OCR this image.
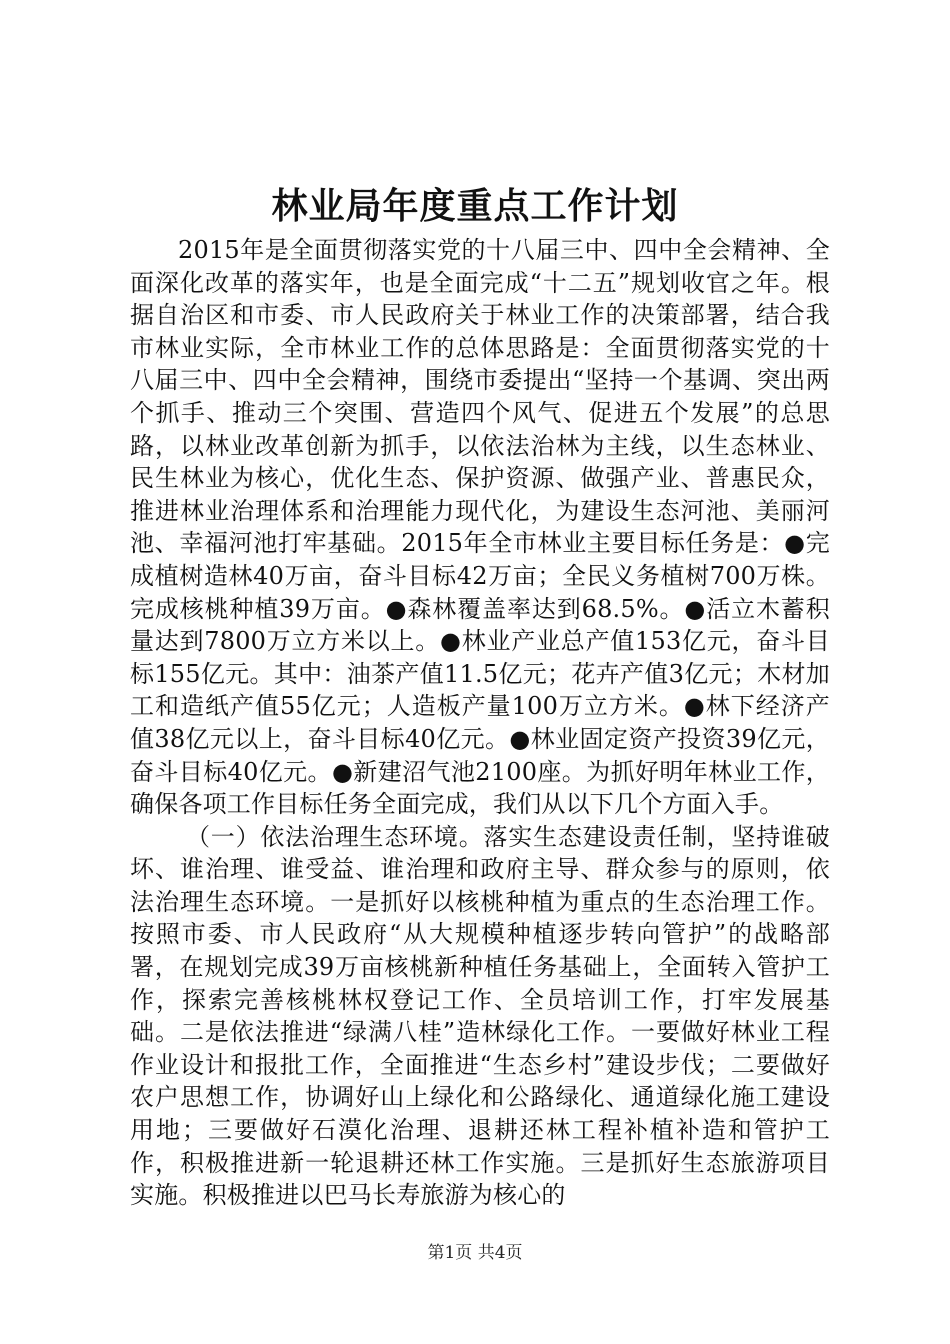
林业局年度重点工作计划

2015年是全面贯彻落实党的十八届三中、四中全会精神、全面深化改革的落实年，也是全面完成“十二五”规划收官之年。根据自治区和市委、市人民政府关于林业工作的决策部署，结合我市林业实际，全市林业工作的总体思路是：全面贯彻落实党的十八届三中、四中全会精神，围绕市委提出“坚持一个基调、突出两个抓手、推动三个突围、营造四个风气、促进五个发展”的总思路，以林业改革创新为抓手，以依法治林为主线，以生态林业、民生林业为核心，优化生态、保护资源、做强产业、普惠民众，推进林业治理体系和治理能力现代化，为建设生态河池、美丽河池、幸福河池打牢基础。2015年全市林业主要目标任务是：●完成植树造林40万亩，奋斗目标42万亩；全民义务植树700万株。完成核桃种植39万亩。●森林覆盖率达到68.5%。●活立木蓄积量达到7800万立方米以上。●林业产业总产值153亿元，奋斗目标155亿元。其中：油茶产值11.5亿元；花卉产值3亿元；木材加工和造纸产值55亿元；人造板产量100万立方米。●林下经济产值38亿元以上，奋斗目标40亿元。●林业固定资产投资39亿元，奋斗目标40亿元。●新建沼气池2100座。为抓好明年林业工作，确保各项工作目标任务全面完成，我们从以下几个方面入手。

（一）依法治理生态环境。落实生态建设责任制，坚持谁破坏、谁治理、谁受益、谁治理和政府主导、群众参与的原则，依法治理生态环境。一是抓好以核桃种植为重点的生态治理工作。按照市委、市人民政府“从大规模种植逐步转向管护”的战略部署，在规划完成39万亩核桃新种植任务基础上，全面转入管护工作，探索完善核桃林权登记工作、全员培训工作，打牢发展基础。二是依法推进“绿满八桂”造林绿化工作。一要做好林业工程作业设计和报批工作，全面推进“生态乡村”建设步伐；二要做好农户思想工作，协调好山上绿化和公路绿化、通道绿化施工建设用地；三要做好石漠化治理、退耕还林工程补植补造和管护工作，积极推进新一轮退耕还林工作实施。三是抓好生态旅游项目实施。积极推进以巴马长寿旅游为核心的

第1页 共4页
